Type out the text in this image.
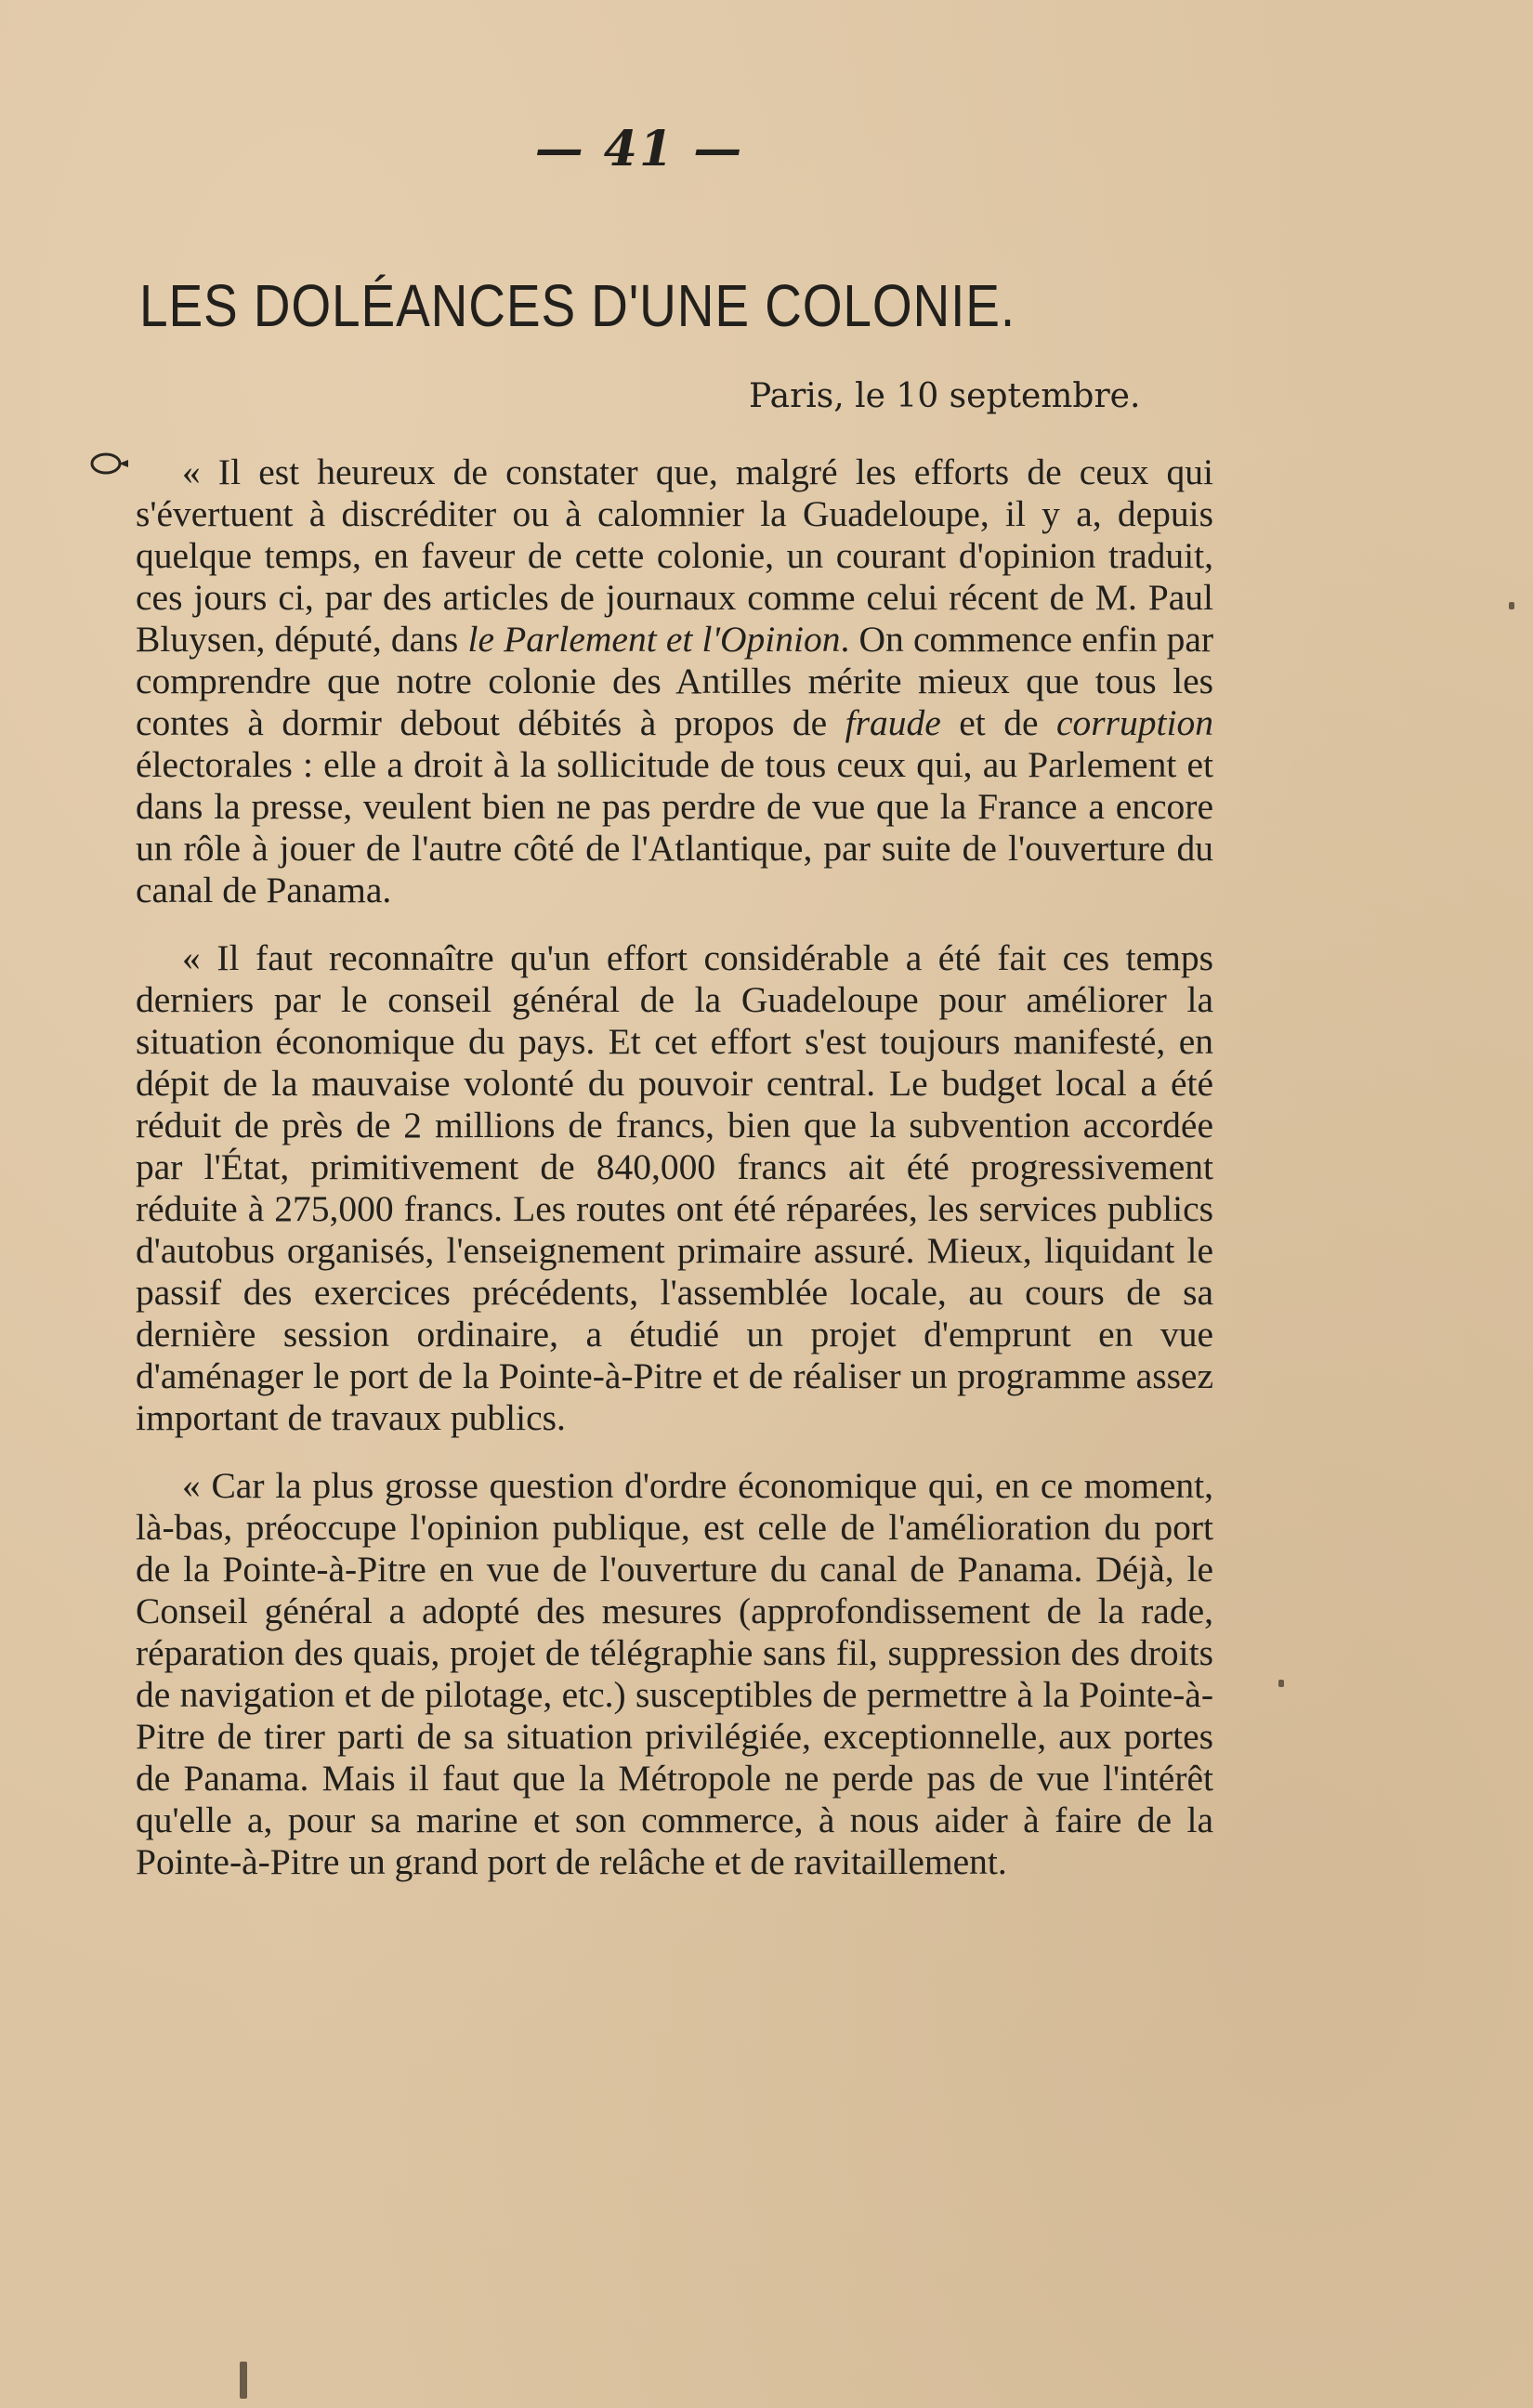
— 41 —
LES DOLÉANCES D'UNE COLONIE.
Paris, le 10 septembre.

« Il est heureux de constater que, malgré les efforts de ceux qui s'évertuent à discréditer ou à calomnier la Guadeloupe, il y a, depuis quelque temps, en faveur de cette colonie, un courant d'opinion traduit, ces jours ci, par des articles de journaux comme celui récent de M. Paul Bluysen, député, dans le Parlement et l'Opinion. On commence enfin par comprendre que notre colonie des Antilles mérite mieux que tous les contes à dormir debout débités à propos de fraude et de corruption électorales : elle a droit à la sollicitude de tous ceux qui, au Parlement et dans la presse, veulent bien ne pas perdre de vue que la France a encore un rôle à jouer de l'autre côté de l'Atlantique, par suite de l'ouverture du canal de Panama.

« Il faut reconnaître qu'un effort considérable a été fait ces temps derniers par le conseil général de la Guadeloupe pour améliorer la situation économique du pays. Et cet effort s'est toujours manifesté, en dépit de la mauvaise volonté du pouvoir central. Le budget local a été réduit de près de 2 millions de francs, bien que la subvention accordée par l'État, primitivement de 840,000 francs ait été progressivement réduite à 275,000 francs. Les routes ont été réparées, les services publics d'autobus organisés, l'enseignement primaire assuré. Mieux, liquidant le passif des exercices précédents, l'assemblée locale, au cours de sa dernière session ordinaire, a étudié un projet d'emprunt en vue d'aménager le port de la Pointe-à-Pitre et de réaliser un programme assez important de travaux publics.

« Car la plus grosse question d'ordre économique qui, en ce moment, là-bas, préoccupe l'opinion publique, est celle de l'amélioration du port de la Pointe-à-Pitre en vue de l'ouverture du canal de Panama. Déjà, le Conseil général a adopté des mesures (approfondissement de la rade, réparation des quais, projet de télégraphie sans fil, suppression des droits de navigation et de pilotage, etc.) susceptibles de permettre à la Pointe-à-Pitre de tirer parti de sa situation privilégiée, exceptionnelle, aux portes de Panama. Mais il faut que la Métropole ne perde pas de vue l'intérêt qu'elle a, pour sa marine et son commerce, à nous aider à faire de la Pointe-à-Pitre un grand port de relâche et de ravitaillement.
